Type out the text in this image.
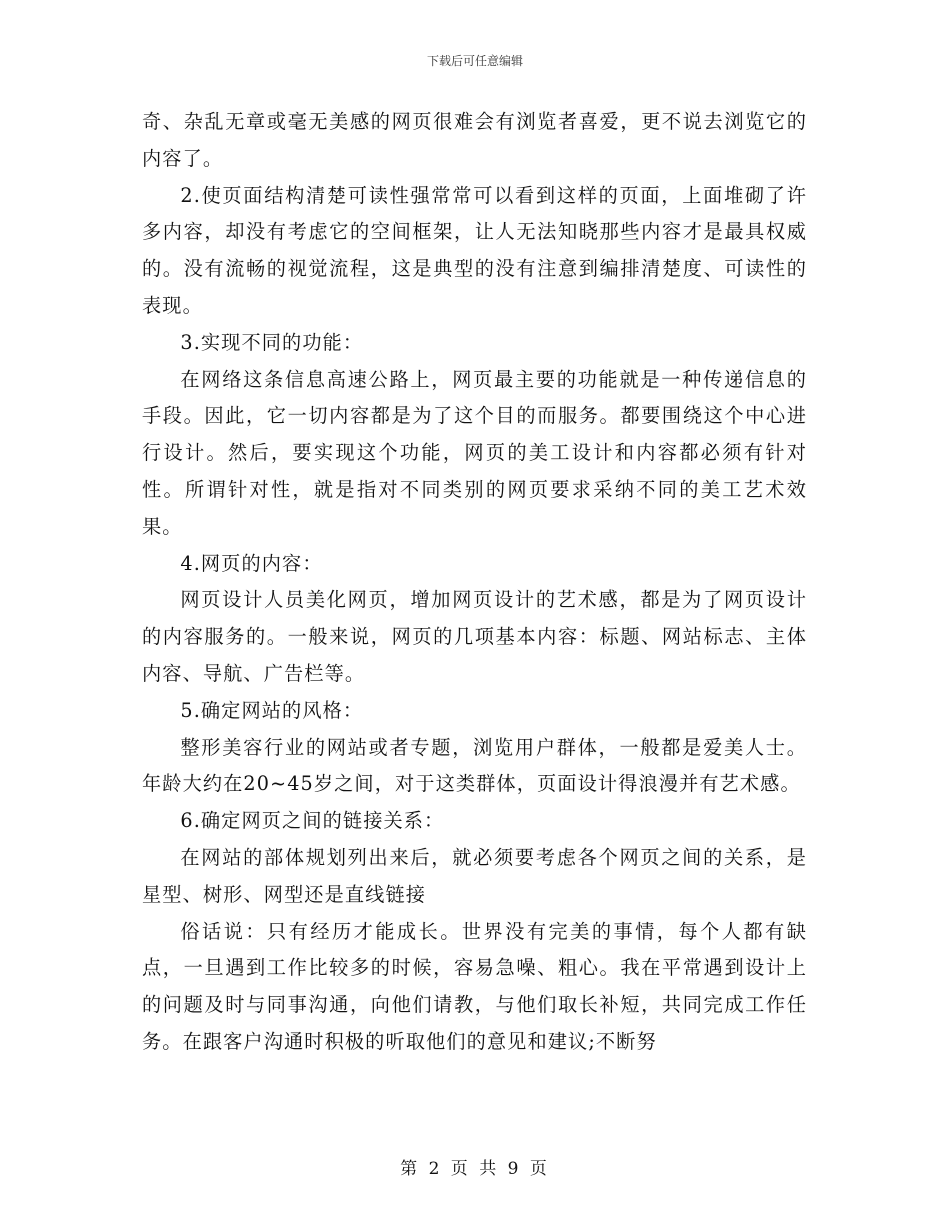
下载后可任意编辑

奇、杂乱无章或毫无美感的网页很难会有浏览者喜爱，更不说去浏览它的内容了。

2.使页面结构清楚可读性强常常可以看到这样的页面，上面堆砌了许多内容，却没有考虑它的空间框架，让人无法知晓那些内容才是最具权威的。没有流畅的视觉流程，这是典型的没有注意到编排清楚度、可读性的表现。

3.实现不同的功能：

在网络这条信息高速公路上，网页最主要的功能就是一种传递信息的手段。因此，它一切内容都是为了这个目的而服务。都要围绕这个中心进行设计。然后，要实现这个功能，网页的美工设计和内容都必须有针对性。所谓针对性，就是指对不同类别的网页要求采纳不同的美工艺术效果。

4.网页的内容：

网页设计人员美化网页，增加网页设计的艺术感，都是为了网页设计的内容服务的。一般来说，网页的几项基本内容：标题、网站标志、主体内容、导航、广告栏等。

5.确定网站的风格：

整形美容行业的网站或者专题，浏览用户群体，一般都是爱美人士。年龄大约在20~45岁之间，对于这类群体，页面设计得浪漫并有艺术感。

6.确定网页之间的链接关系：

在网站的部体规划列出来后，就必须要考虑各个网页之间的关系，是星型、树形、网型还是直线链接

俗话说：只有经历才能成长。世界没有完美的事情，每个人都有缺点，一旦遇到工作比较多的时候，容易急噪、粗心。我在平常遇到设计上的问题及时与同事沟通，向他们请教，与他们取长补短，共同完成工作任务。在跟客户沟通时积极的听取他们的意见和建议;不断努

第 2 页 共 9 页
